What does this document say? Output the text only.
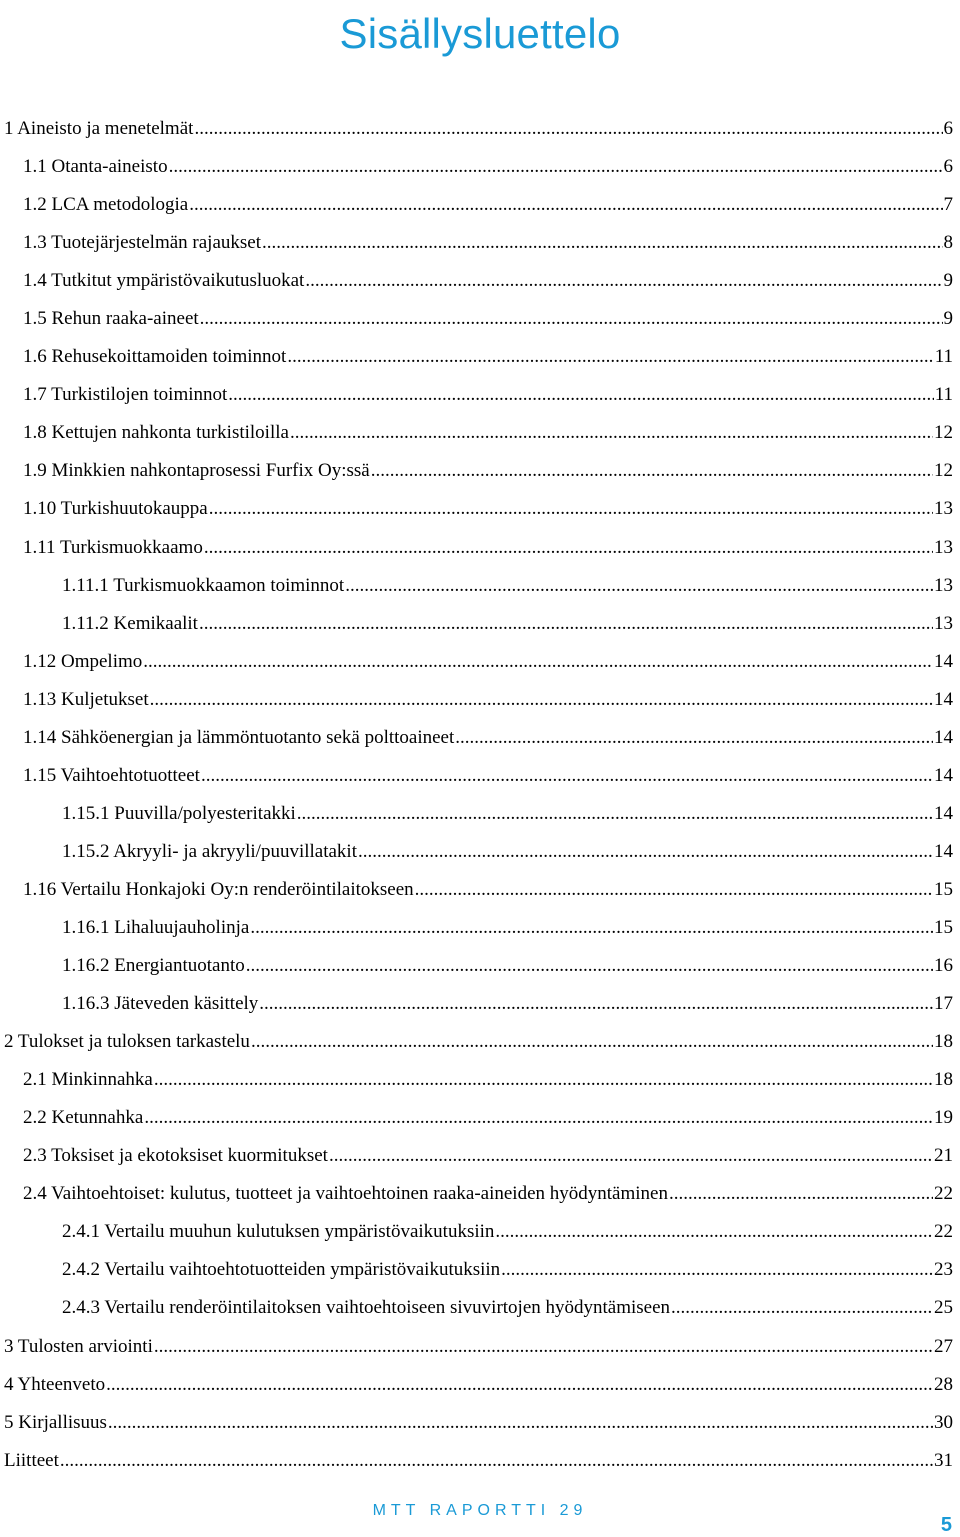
Sisällysluettelo
1 Aineisto ja menetelmät .....	6
1.1 Otanta-aineisto .....	6
1.2 LCA metodologia .....	7
1.3 Tuotejärjestelmän rajaukset .....	8
1.4 Tutkitut ympäristövaikutusluokat .....	9
1.5 Rehun raaka-aineet .....	9
1.6 Rehusekoittamoiden toiminnot .....	11
1.7 Turkistilojen toiminnot .....	11
1.8 Kettujen nahkonta turkistiloilla .....	12
1.9 Minkkien nahkontaprosessi Furfix Oy:ssä .....	12
1.10 Turkishuutokauppa .....	13
1.11 Turkismuokkaamo .....	13
1.11.1 Turkismuokkaamon toiminnot .....	13
1.11.2 Kemikaalit .....	13
1.12 Ompelimo .....	14
1.13 Kuljetukset .....	14
1.14 Sähköenergian ja lämmöntuotanto sekä polttoaineet .....	14
1.15 Vaihtoehtotuotteet .....	14
1.15.1 Puuvilla/polyesteritakki .....	14
1.15.2 Akryyli- ja akryyli/puuvillatakit .....	14
1.16 Vertailu Honkajoki Oy:n renderöintilaitokseen .....	15
1.16.1 Lihaluujauholinja .....	15
1.16.2 Energiantuotanto .....	16
1.16.3 Jäteveden käsittely .....	17
2 Tulokset ja tuloksen tarkastelu .....	18
2.1 Minkinnahka .....	18
2.2 Ketunnahka .....	19
2.3 Toksiset ja ekotoksiset kuormitukset .....	21
2.4 Vaihtoehtoiset: kulutus, tuotteet ja vaihtoehtoinen raaka-aineiden hyödyntäminen .....	22
2.4.1 Vertailu muuhun kulutuksen ympäristövaikutuksiin .....	22
2.4.2 Vertailu vaihtoehtotuotteiden ympäristövaikutuksiin .....	23
2.4.3 Vertailu renderöintilaitoksen vaihtoehtoiseen sivuvirtojen hyödyntämiseen .....	25
3 Tulosten arviointi .....	27
4 Yhteenveto .....	28
5 Kirjallisuus .....	30
Liitteet .....	31
MTT RAPORTTI 29
5
